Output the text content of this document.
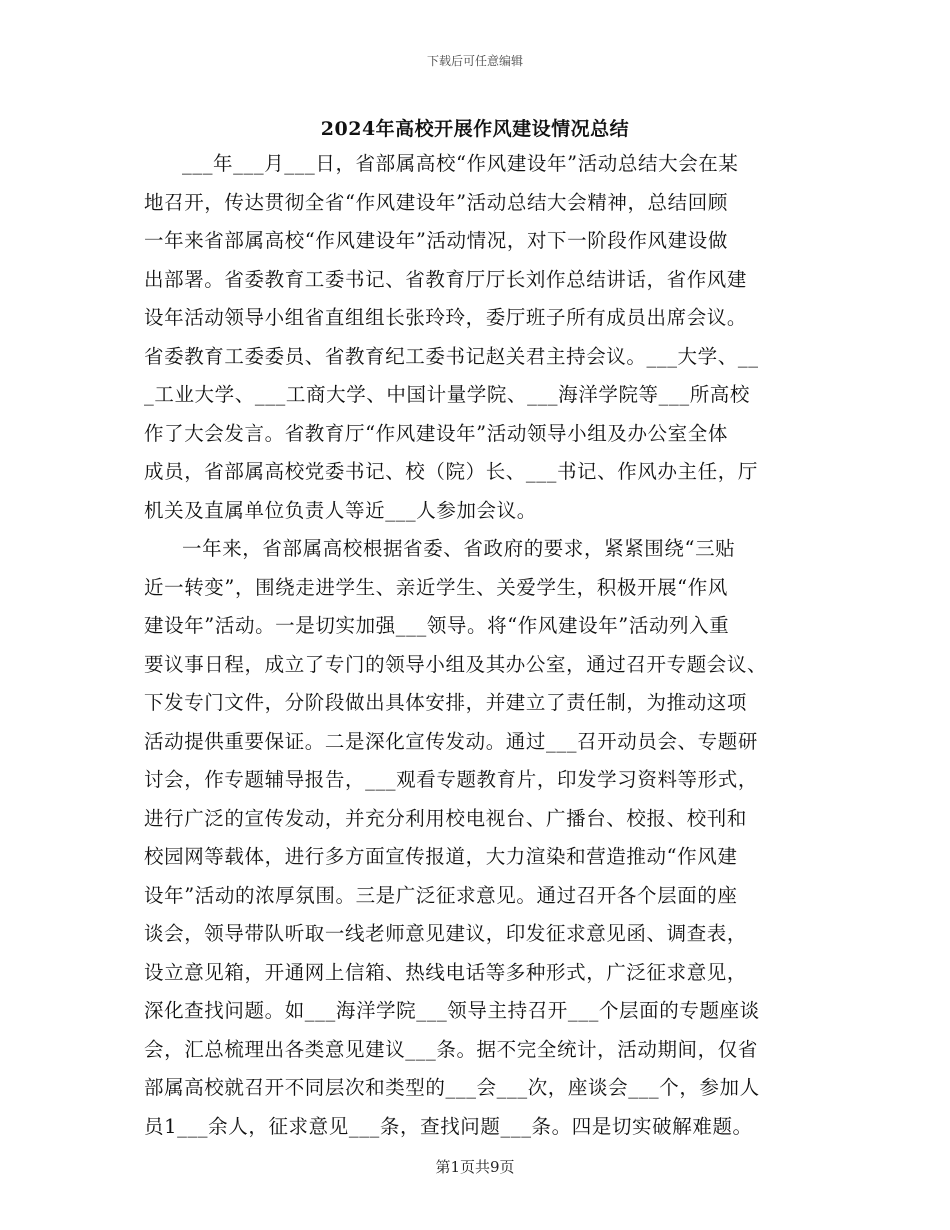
下载后可任意编辑
2024年高校开展作风建设情况总结
___年___月___日，省部属高校“作风建设年”活动总结大会在某
地召开，传达贯彻全省“作风建设年”活动总结大会精神，总结回顾
一年来省部属高校“作风建设年”活动情况，对下一阶段作风建设做
出部署。省委教育工委书记、省教育厅厅长刘作总结讲话，省作风建
设年活动领导小组省直组组长张玲玲，委厅班子所有成员出席会议。
省委教育工委委员、省教育纪工委书记赵关君主持会议。___大学、__
_工业大学、___工商大学、中国计量学院、___海洋学院等___所高校
作了大会发言。省教育厅“作风建设年”活动领导小组及办公室全体
成员，省部属高校党委书记、校（院）长、___书记、作风办主任，厅
机关及直属单位负责人等近___人参加会议。
一年来，省部属高校根据省委、省政府的要求，紧紧围绕“三贴
近一转变”，围绕走进学生、亲近学生、关爱学生，积极开展“作风
建设年”活动。一是切实加强___领导。将“作风建设年”活动列入重
要议事日程，成立了专门的领导小组及其办公室，通过召开专题会议、
下发专门文件，分阶段做出具体安排，并建立了责任制，为推动这项
活动提供重要保证。二是深化宣传发动。通过___召开动员会、专题研
讨会，作专题辅导报告，___观看专题教育片，印发学习资料等形式，
进行广泛的宣传发动，并充分利用校电视台、广播台、校报、校刊和
校园网等载体，进行多方面宣传报道，大力渲染和营造推动“作风建
设年”活动的浓厚氛围。三是广泛征求意见。通过召开各个层面的座
谈会，领导带队听取一线老师意见建议，印发征求意见函、调查表，
设立意见箱，开通网上信箱、热线电话等多种形式，广泛征求意见，
深化查找问题。如___海洋学院___领导主持召开___个层面的专题座谈
会，汇总梳理出各类意见建议___条。据不完全统计，活动期间，仅省
部属高校就召开不同层次和类型的___会___次，座谈会___个，参加人
员1___余人，征求意见___条，查找问题___条。四是切实破解难题。
第1页共9页
